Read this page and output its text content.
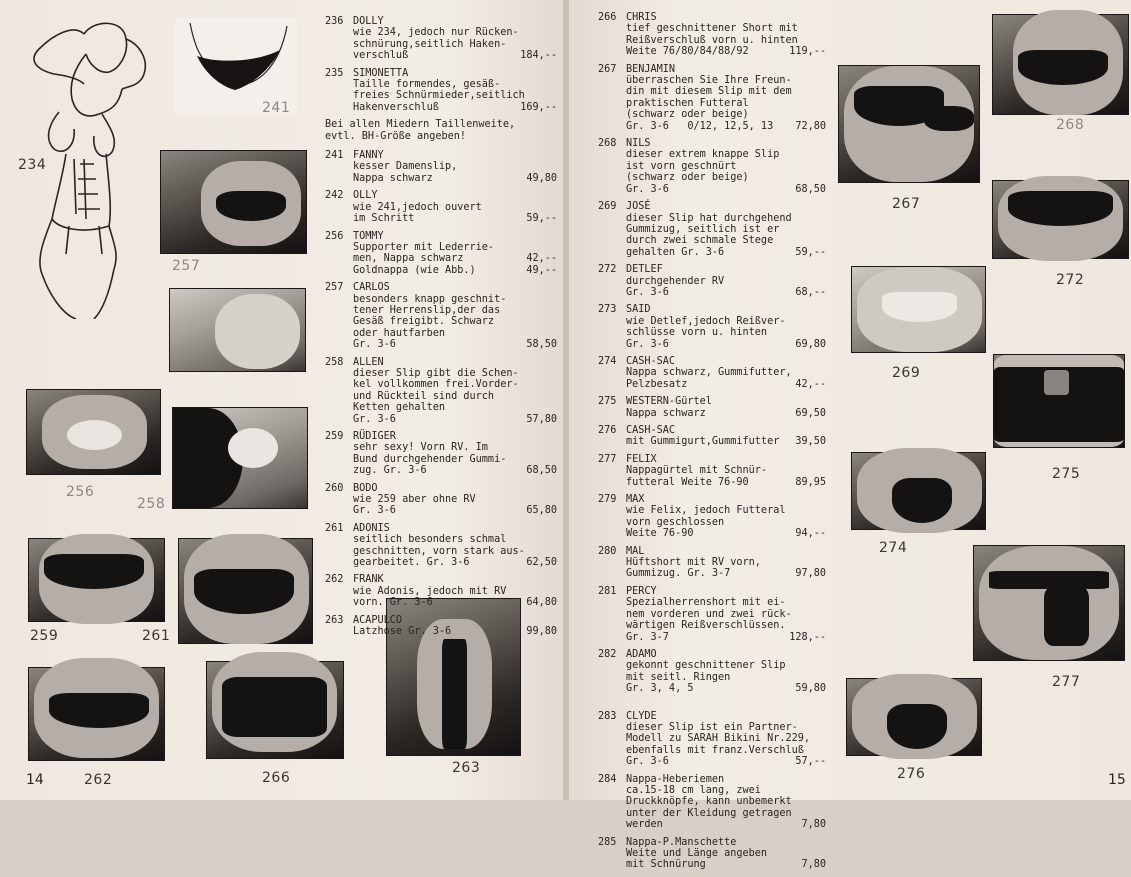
234
241
257
256
258
259	261
262	266
263
14
236 DOLLY
wie 234, jedoch nur Rücken-
schnürung,seitlich Haken-
verschluß	184,--
235 SIMONETTA
Taille formendes, gesäß-
freies Schnürmieder,seitlich
Hakenverschluß	169,--
Bei allen Miedern Taillenweite,
evtl. BH-Größe angeben!
241 FANNY
kesser Damenslip,
Nappa schwarz	49,80
242 OLLY
wie 241,jedoch ouvert
im Schritt	59,--
256 TOMMY
Supporter mit Lederrie-
men, Nappa schwarz	42,--
Goldnappa (wie Abb.)	49,--
257 CARLOS
besonders knapp geschnit-
tener Herrenslip,der das
Gesäß freigibt. Schwarz
oder hautfarben
Gr. 3-6	58,50
258 ALLEN
dieser Slip gibt die Schen-
kel vollkommen frei.Vorder-
und Rückteil sind durch
Ketten gehalten
Gr. 3-6	57,80
259 RÜDIGER
sehr sexy! Vorn RV. Im
Bund durchgehender Gummi-
zug. Gr. 3-6	68,50
260 BODO
wie 259 aber ohne RV
Gr. 3-6	65,80
261 ADONIS
seitlich besonders schmal
geschnitten, vorn stark aus-
gearbeitet. Gr. 3-6	62,50
262 FRANK
wie Adonis, jedoch mit RV
vorn. Gr. 3-6	64,80
263 ACAPULCO
Latzhose Gr. 3-6	99,80
267
268
272
269
275
274
277
276	15
266 CHRIS
tief geschnittener Short mit
Reißverschluß vorn u. hinten
Weite 76/80/84/88/92	119,--
267 BENJAMIN
überraschen Sie Ihre Freun-
din mit diesem Slip mit dem
praktischen Futteral
(schwarz oder beige)
Gr. 3-6   0/12, 12,5, 13 72,80
268 NILS
dieser extrem knappe Slip
ist vorn geschnürt
(schwarz oder beige)
Gr. 3-6	68,50
269 JOSÉ
dieser Slip hat durchgehend
Gummizug, seitlich ist er
durch zwei schmale Stege
gehalten Gr. 3-6	59,--
272 DETLEF
durchgehender RV
Gr. 3-6	68,--
273 SAID
wie Detlef,jedoch Reißver-
schlüsse vorn u. hinten
Gr. 3-6	69,80
274 CASH-SAC
Nappa schwarz, Gummifutter,
Pelzbesatz	42,--
275 WESTERN-Gürtel
Nappa schwarz	69,50
276 CASH-SAC
mit Gummigurt,Gummifutter 39,50
277 FELIX
Nappagürtel mit Schnür-
futteral Weite 76-90	89,95
279 MAX
wie Felix, jedoch Futteral
vorn geschlossen
Weite 76-90	94,--
280 MAL
Hüftshort mit RV vorn,
Gummizug. Gr. 3-7	97,80
281 PERCY
Spezialherrenshort mit ei-
nem vorderen und zwei rück-
wärtigen Reißverschlüssen.
Gr. 3-7	128,--
282 ADAMO
gekonnt geschnittener Slip
mit seitl. Ringen
Gr. 3, 4, 5	59,80
283 CLYDE
dieser Slip ist ein Partner-
Modell zu SARAH Bikini Nr.229,
ebenfalls mit franz.Verschluß
Gr. 3-6	57,--
284 Nappa-Heberiemen
ca.15-18 cm lang, zwei
Druckknöpfe, kann unbemerkt
unter der Kleidung getragen
werden	7,80
285 Nappa-P.Manschette
Weite und Länge angeben
mit Schnürung	7,80
